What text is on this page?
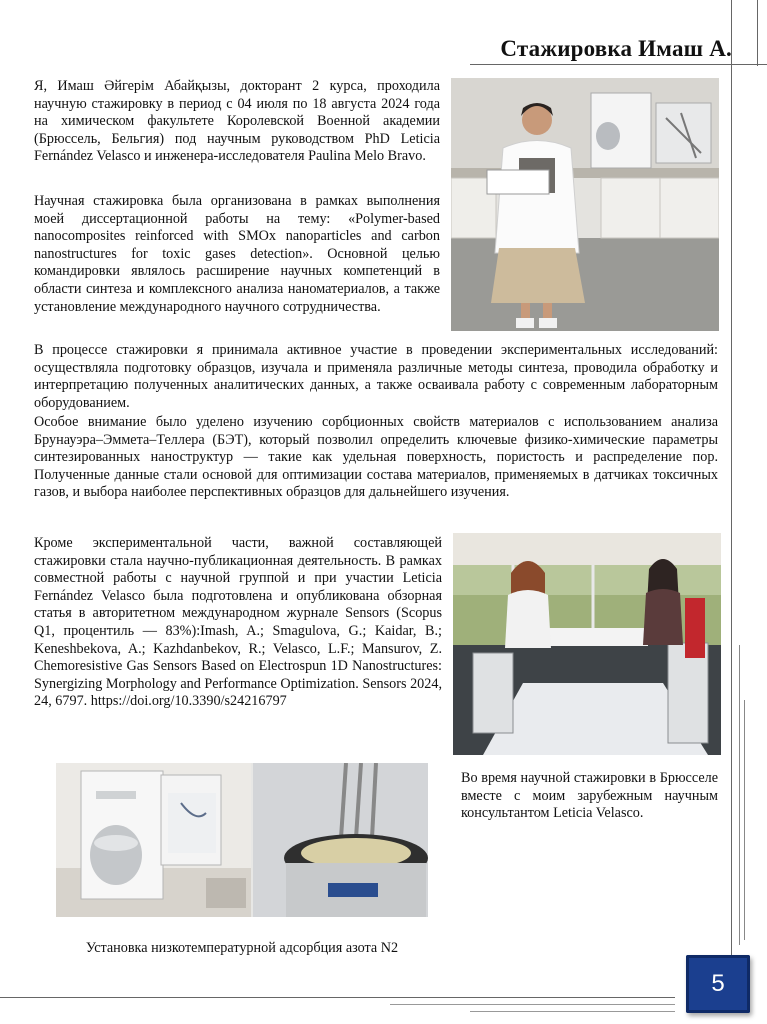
Стажировка Имаш А.

Я, Имаш Әйгерім Абайқызы, докторант 2 курса, проходила научную стажировку в период с 04 июля по 18 августа 2024 года на химическом факультете Королевской Военной академии (Брюссель, Бельгия) под научным руководством PhD Leticia Fernández Velasco и инженера-исследователя Paulina Melo Bravo.

Научная стажировка была организована в рамках выполнения моей диссертационной работы на тему: «Polymer-based nanocomposites reinforced with SMOx nanoparticles and carbon nanostructures for toxic gases detection». Основной целью командировки являлось расширение научных компетенций в области синтеза и комплексного анализа наноматериалов, а также установление международного научного сотрудничества.

В процессе стажировки я принимала активное участие в проведении экспериментальных исследований: осуществляла подготовку образцов, изучала и применяла различные методы синтеза, проводила обработку и интерпретацию полученных аналитических данных, а также осваивала работу с современным лабораторным оборудованием.

Особое внимание было уделено изучению сорбционных свойств материалов с использованием анализа Брунауэра–Эммета–Теллера (БЭТ), который позволил определить ключевые физико-химические параметры синтезированных наноструктур — такие как удельная поверхность, пористость и распределение пор. Полученные данные стали основой для оптимизации состава материалов, применяемых в датчиках токсичных газов, и выбора наиболее перспективных образцов для дальнейшего изучения.

Кроме экспериментальной части, важной составляющей стажировки стала научно-публикационная деятельность. В рамках совместной работы с научной группой и при участии Leticia Fernández Velasco была подготовлена и опубликована обзорная статья в авторитетном международном журнале Sensors (Scopus Q1, процентиль — 83%):Imash, A.; Smagulova, G.; Kaidar, B.; Keneshbekova, A.; Kazhdanbekov, R.; Velasco, L.F.; Mansurov, Z. Chemoresistive Gas Sensors Based on Electrospun 1D Nanostructures: Synergizing Morphology and Performance Optimization. Sensors 2024, 24, 6797. https://doi.org/10.3390/s24216797

Во время научной стажировки в Брюсселе вместе с моим зарубежным научным консультантом Leticia Velasco.

Установка низкотемпературной адсорбция азота N2

5
